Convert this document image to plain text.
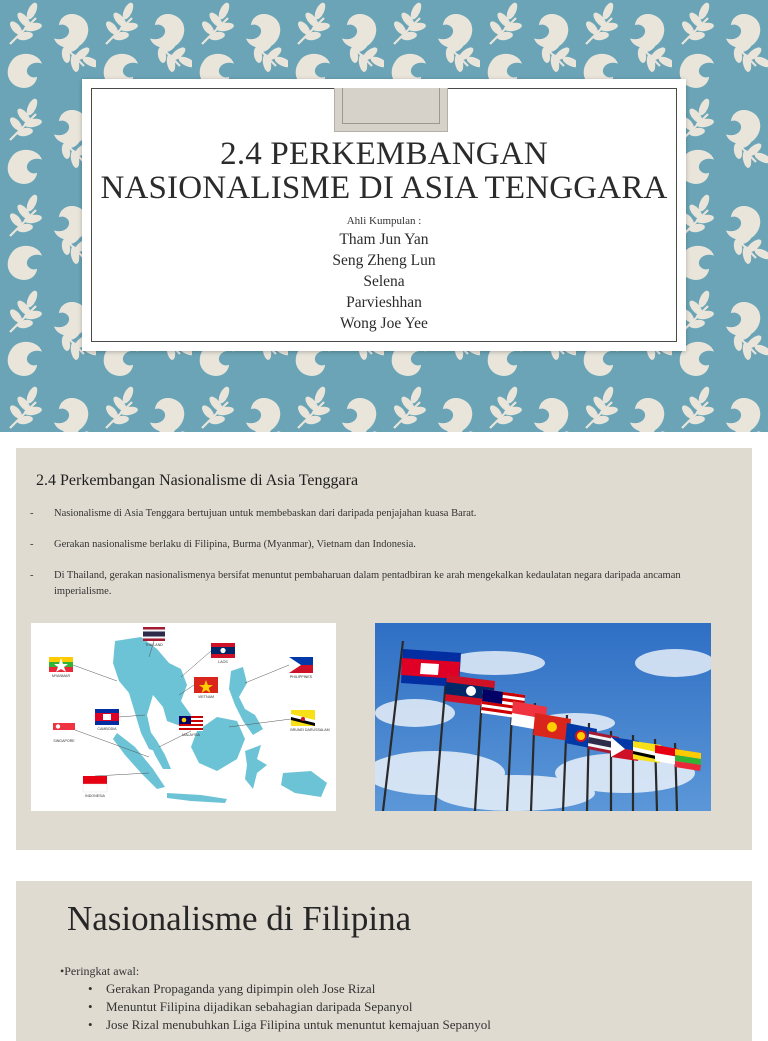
2.4 PERKEMBANGAN
NASIONALISME DI ASIA TENGGARA
Ahli Kumpulan :
Tham Jun Yan
Seng Zheng Lun
Selena
Parvieshhan
Wong Joe Yee
2.4 Perkembangan Nasionalisme di Asia Tenggara
- Nasionalisme di Asia Tenggara bertujuan untuk membebaskan dari daripada penjajahan kuasa Barat.
- Gerakan nasionalisme berlaku di Filipina, Burma (Myanmar), Vietnam dan Indonesia.
- Di Thailand, gerakan nasionalismenya bersifat menuntut pembaharuan dalam pentadbiran ke arah mengekalkan kedaulatan negara daripada ancaman imperialisme.
THAILAND
LAOS
MYANMAR
VIETNAM
PHILIPPINES
CAMBODIA
MALAYSIA
SINGAPORE
BRUNEI DARUSSALAM
INDONESIA
Nasionalisme di Filipina
•Peringkat awal:
• Gerakan Propaganda yang dipimpin oleh Jose Rizal
• Menuntut Filipina dijadikan sebahagian daripada Sepanyol
• Jose Rizal menubuhkan Liga Filipina untuk menuntut kemajuan Sepanyol
